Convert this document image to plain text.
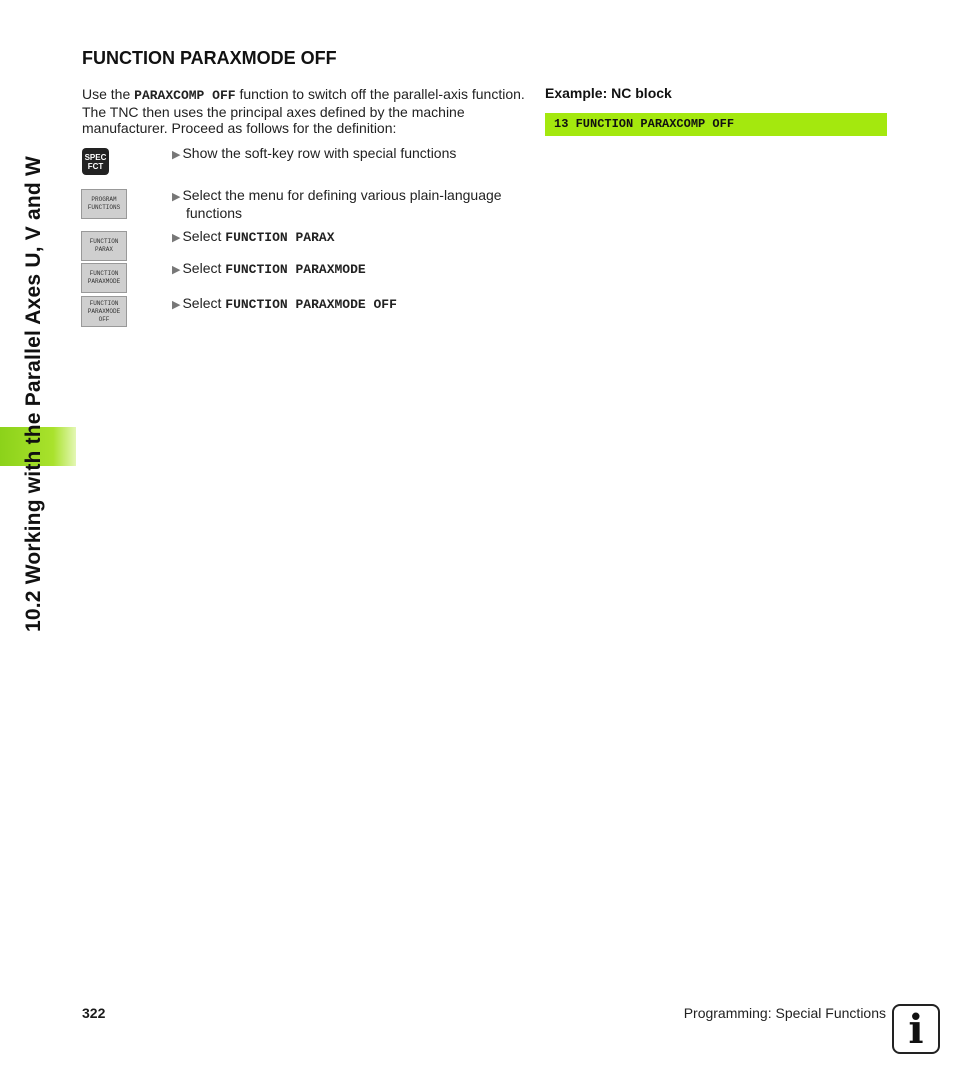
10.2 Working with the Parallel Axes U, V and W
FUNCTION PARAXMODE OFF

Use the PARAXCOMP OFF function to switch off the parallel-axis function. The TNC then uses the principal axes defined by the machine manufacturer. Proceed as follows for the definition:

SPEC
FCT
PROGRAM
FUNCTIONS
FUNCTION
PARAX
FUNCTION
PARAXMODE
FUNCTION
PARAXMODE
OFF
▶ Show the soft-key row with special functions
▶ Select the menu for defining various plain-language
functions
▶ Select FUNCTION PARAX
▶ Select FUNCTION PARAXMODE
▶ Select FUNCTION PARAXMODE OFF

Example: NC block

13 FUNCTION PARAXCOMP OFF
322	Programming: Special Functions i
